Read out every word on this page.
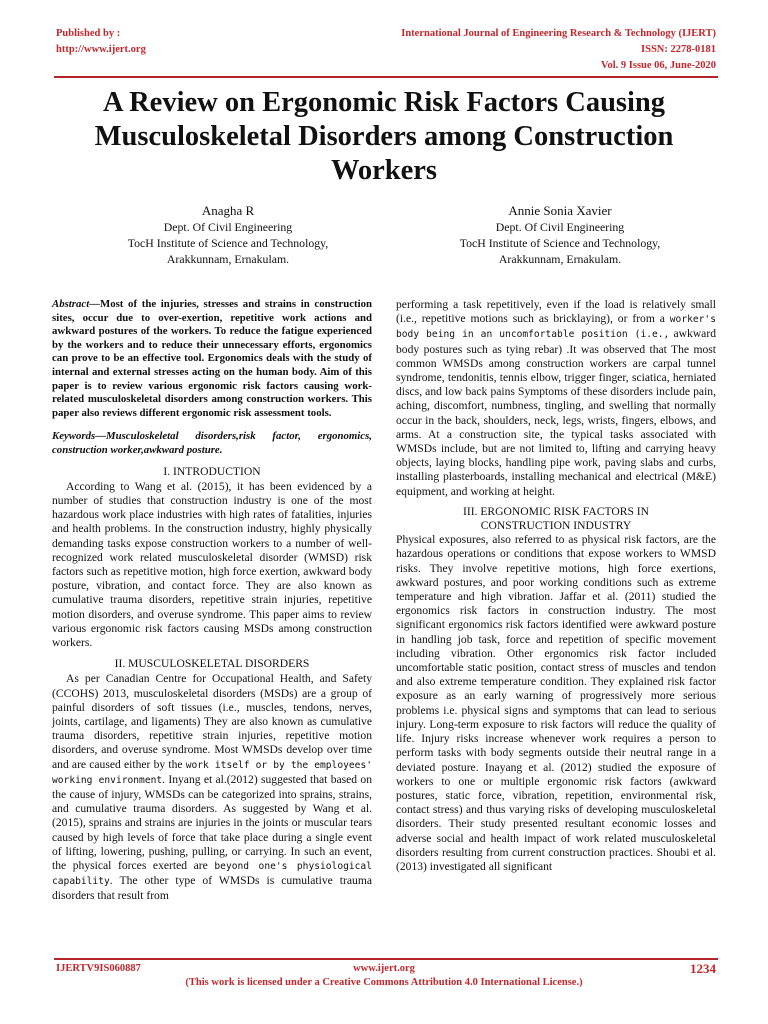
Published by :
http://www.ijert.org
International Journal of Engineering Research & Technology (IJERT)
ISSN: 2278-0181
Vol. 9 Issue 06, June-2020
A Review on Ergonomic Risk Factors Causing Musculoskeletal Disorders among Construction Workers
Anagha R
Dept. Of Civil Engineering
TocH Institute of Science and Technology,
Arakkunnam, Ernakulam.
Annie Sonia Xavier
Dept. Of Civil Engineering
TocH Institute of Science and Technology,
Arakkunnam, Ernakulam.

Abstract—Most of the injuries, stresses and strains in construction sites, occur due to over-exertion, repetitive work actions and awkward postures of the workers. To reduce the fatigue experienced by the workers and to reduce their unnecessary efforts, ergonomics can prove to be an effective tool. Ergonomics deals with the study of internal and external stresses acting on the human body. Aim of this paper is to review various ergonomic risk factors causing work-related musculoskeletal disorders among construction workers. This paper also reviews different ergonomic risk assessment tools.

Keywords—Musculoskeletal disorders,risk factor, ergonomics, construction worker,awkward posture.

I. INTRODUCTION

According to Wang et al. (2015), it has been evidenced by a number of studies that construction industry is one of the most hazardous work place industries with high rates of fatalities, injuries and health problems. In the construction industry, highly physically demanding tasks expose construction workers to a number of well-recognized work related musculoskeletal disorder (WMSD) risk factors such as repetitive motion, high force exertion, awkward body posture, vibration, and contact force. They are also known as cumulative trauma disorders, repetitive strain injuries, repetitive motion disorders, and overuse syndrome. This paper aims to review various ergonomic risk factors causing MSDs among construction workers.

II. MUSCULOSKELETAL DISORDERS

As per Canadian Centre for Occupational Health, and Safety (CCOHS) 2013, musculoskeletal disorders (MSDs) are a group of painful disorders of soft tissues (i.e., muscles, tendons, nerves, joints, cartilage, and ligaments) They are also known as cumulative trauma disorders, repetitive strain injuries, repetitive motion disorders, and overuse syndrome. Most WMSDs develop over time and are caused either by the work itself or by the employees' working environment. Inyang et al.(2012) suggested that based on the cause of injury, WMSDs can be categorized into sprains, strains, and cumulative trauma disorders. As suggested by Wang et al.(2015), sprains and strains are injuries in the joints or muscular tears caused by high levels of force that take place during a single event of lifting, lowering, pushing, pulling, or carrying. In such an event, the physical forces exerted are beyond one's physiological capability. The other type of WMSDs is cumulative trauma disorders that result from

performing a task repetitively, even if the load is relatively small (i.e., repetitive motions such as bricklaying), or from a worker's body being in an uncomfortable position (i.e., awkward body postures such as tying rebar) .It was observed that The most common WMSDs among construction workers are carpal tunnel syndrome, tendonitis, tennis elbow, trigger finger, sciatica, herniated discs, and low back pains Symptoms of these disorders include pain, aching, discomfort, numbness, tingling, and swelling that normally occur in the back, shoulders, neck, legs, wrists, fingers, elbows, and arms. At a construction site, the typical tasks associated with WMSDs include, but are not limited to, lifting and carrying heavy objects, laying blocks, handling pipe work, paving slabs and curbs, installing plasterboards, installing mechanical and electrical (M&E) equipment, and working at height.

III. ERGONOMIC RISK FACTORS IN

CONSTRUCTION INDUSTRY

Physical exposures, also referred to as physical risk factors, are the hazardous operations or conditions that expose workers to WMSD risks. They involve repetitive motions, high force exertions, awkward postures, and poor working conditions such as extreme temperature and high vibration. Jaffar et al. (2011) studied the ergonomics risk factors in construction industry. The most significant ergonomics risk factors identified were awkward posture in handling job task, force and repetition of specific movement including vibration. Other ergonomics risk factor included uncomfortable static position, contact stress of muscles and tendon and also extreme temperature condition. They explained risk factor exposure as an early warning of progressively more serious problems i.e. physical signs and symptoms that can lead to serious injury. Long-term exposure to risk factors will reduce the quality of life. Injury risks increase whenever work requires a person to perform tasks with body segments outside their neutral range in a deviated posture. Inayang et al. (2012) studied the exposure of workers to one or multiple ergonomic risk factors (awkward postures, static force, vibration, repetition, environmental risk, contact stress) and thus varying risks of developing musculoskeletal disorders. Their study presented resultant economic losses and adverse social and health impact of work related musculoskeletal disorders resulting from current construction practices. Shoubi et al. (2013) investigated all significant

IJERTV9IS060887	www.ijert.org
(This work is licensed under a Creative Commons Attribution 4.0 International License.)
1234
